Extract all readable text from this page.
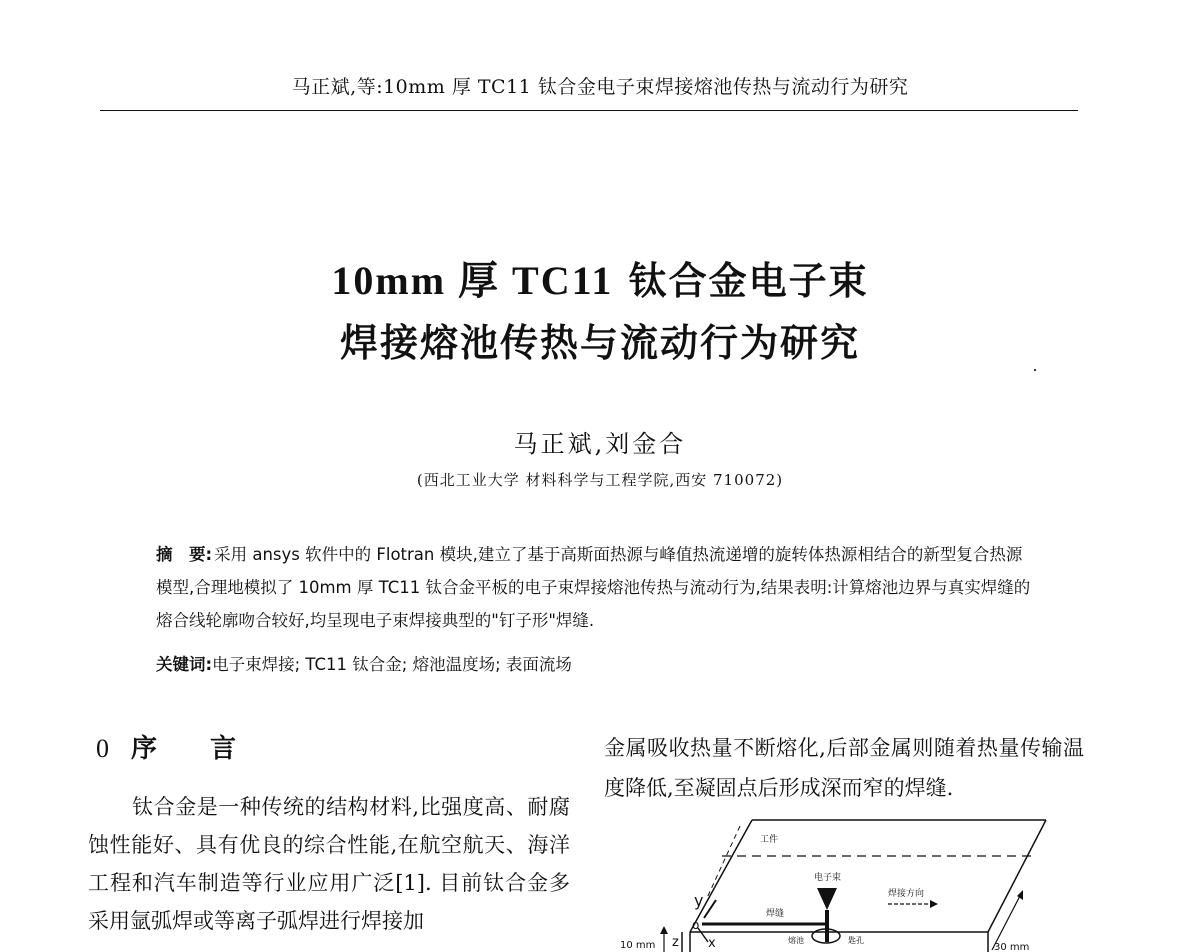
马正斌,等:10mm 厚 TC11 钛合金电子束焊接熔池传热与流动行为研究
10mm 厚 TC11 钛合金电子束
焊接熔池传热与流动行为研究
马正斌,刘金合
(西北工业大学 材料科学与工程学院,西安 710072)
摘　要: 采用 ansys 软件中的 Flotran 模块,建立了基于高斯面热源与峰值热流递增的旋转体热源相结合的新型复合热源模型,合理地模拟了 10mm 厚 TC11 钛合金平板的电子束焊接熔池传热与流动行为,结果表明:计算熔池边界与真实焊缝的熔合线轮廓吻合较好,均呈现电子束焊接典型的"钉子形"焊缝.
关键词:电子束焊接; TC11 钛合金; 熔池温度场; 表面流场
0 序 言
钛合金是一种传统的结构材料,比强度高、耐腐蚀性能好、具有优良的综合性能,在航空航天、海洋工程和汽车制造等行业应用广泛[1]. 目前钛合金多采用氩弧焊或等离子弧焊进行焊接加
金属吸收热量不断熔化,后部金属则随着热量传输温度降低,至凝固点后形成深而窄的焊缝.
工件
电子束
焊接方向
焊缝
熔池	匙孔
y
x
z
o
10 mm	30 mm
